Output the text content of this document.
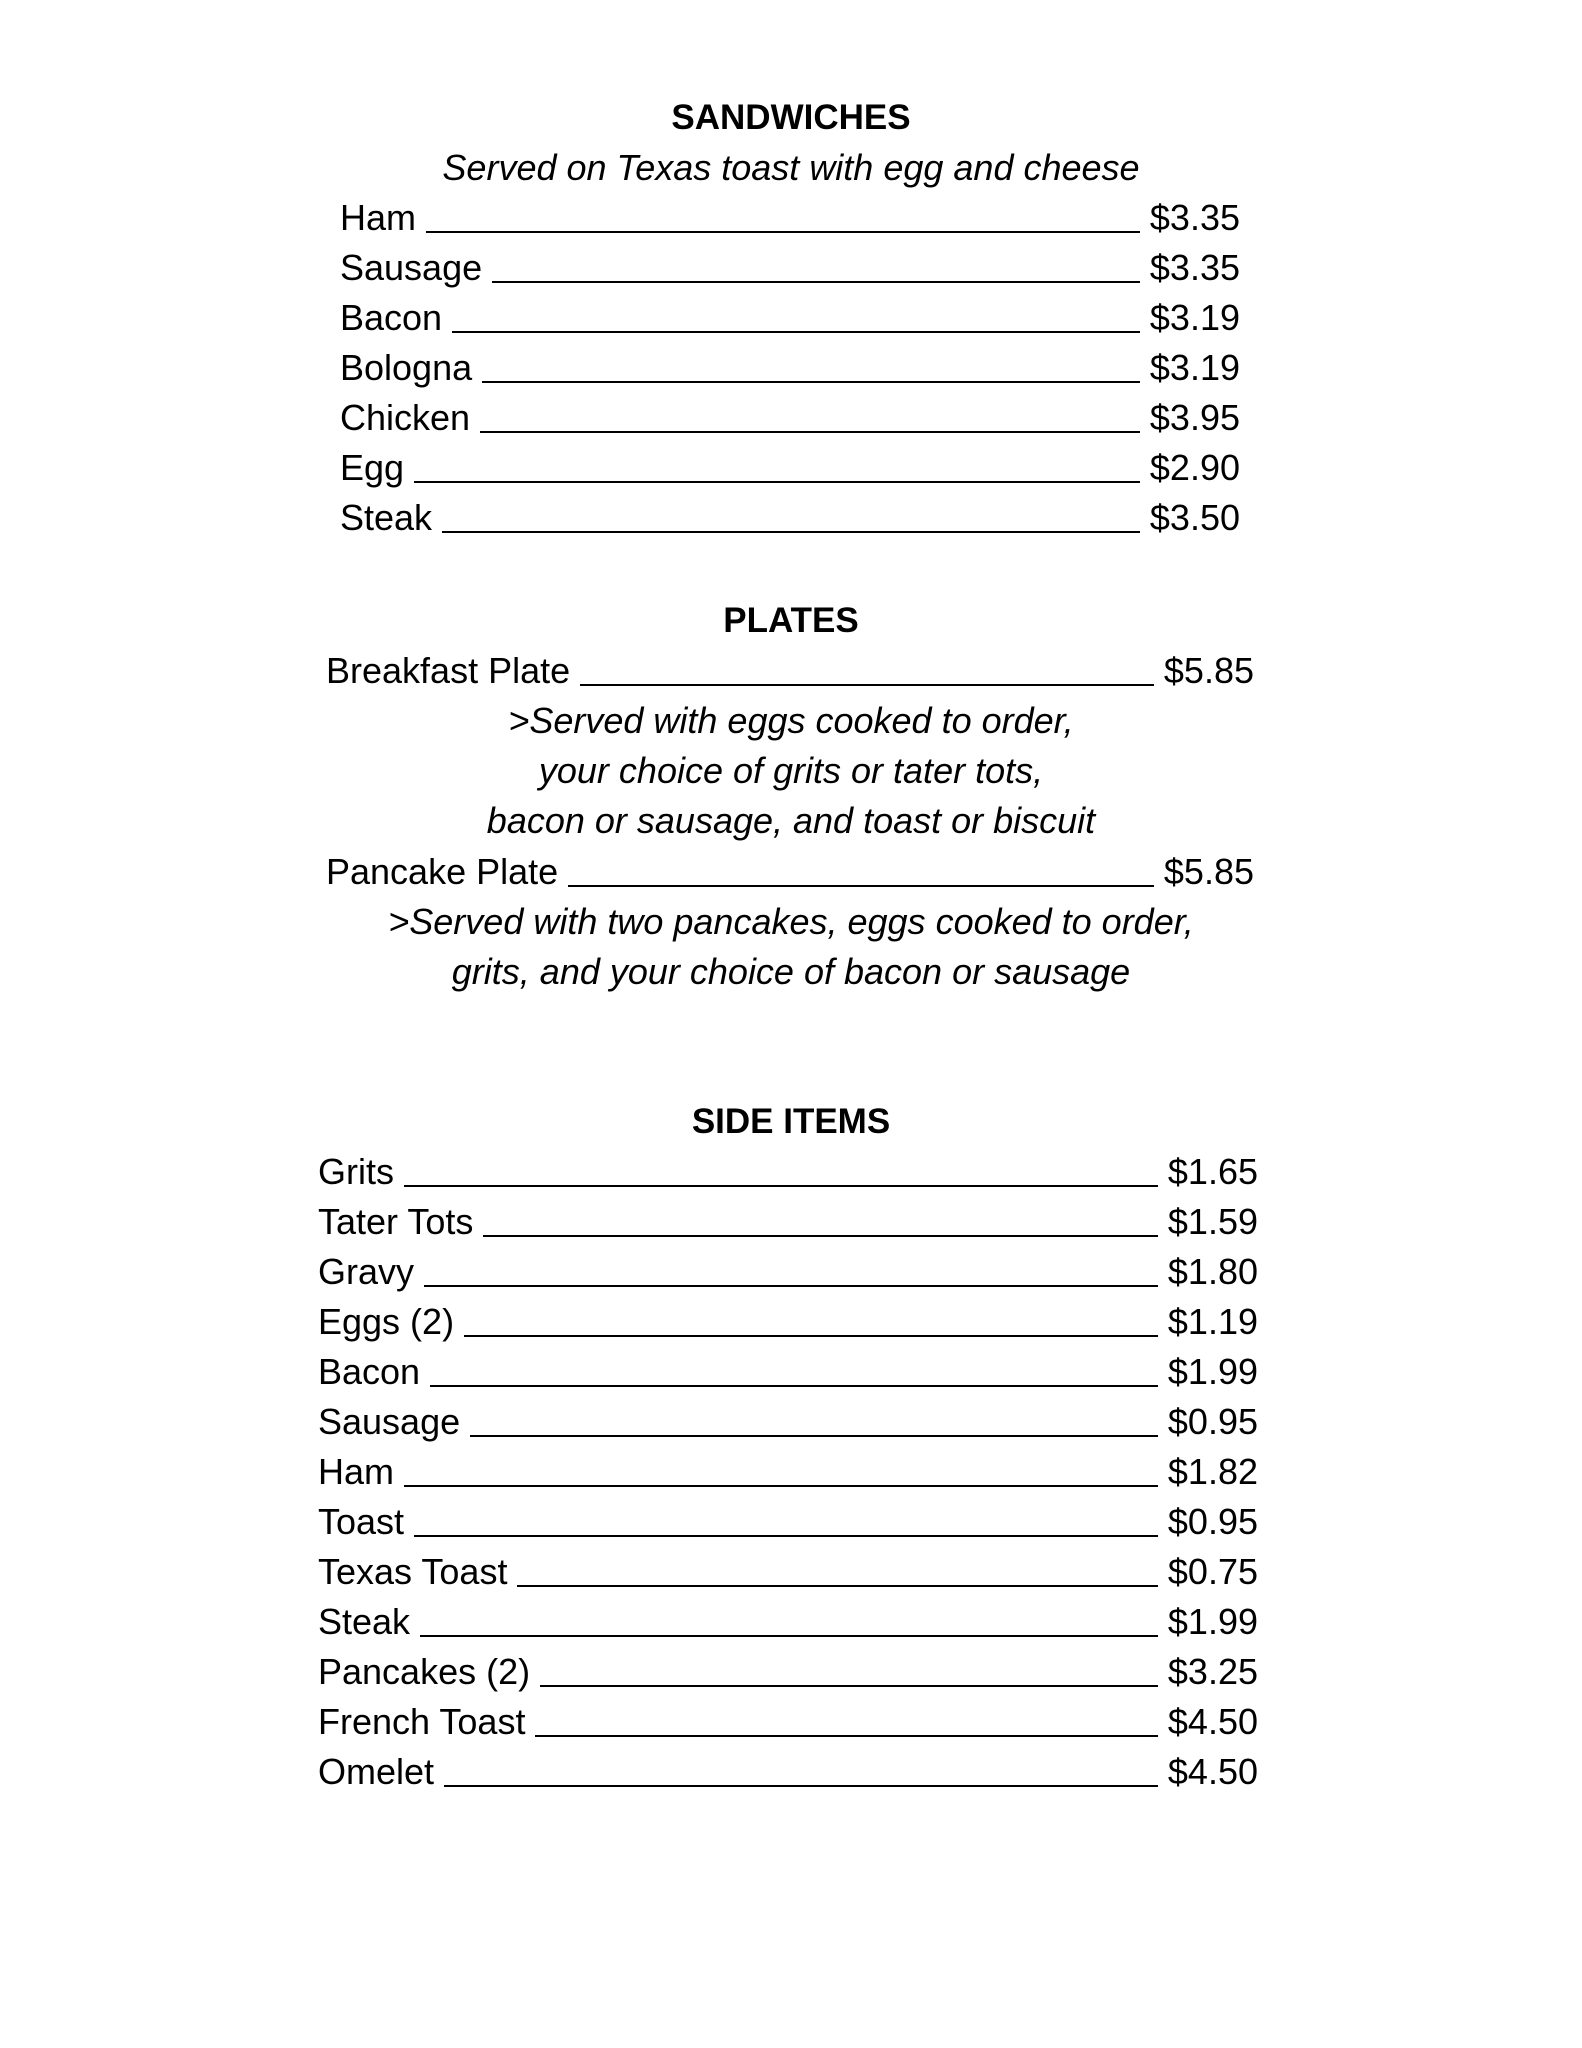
SANDWICHES
Served on Texas toast with egg and cheese
Ham	$3.35
Sausage	$3.35
Bacon	$3.19
Bologna	$3.19
Chicken	$3.95
Egg	$2.90
Steak	$3.50
PLATES
Breakfast Plate	$5.85
>Served with eggs cooked to order,
your choice of grits or tater tots,
bacon or sausage, and toast or biscuit
Pancake Plate	$5.85
>Served with two pancakes, eggs cooked to order,
grits, and your choice of bacon or sausage
SIDE ITEMS
Grits	$1.65
Tater Tots	$1.59
Gravy	$1.80
Eggs (2)	$1.19
Bacon	$1.99
Sausage	$0.95
Ham	$1.82
Toast	$0.95
Texas Toast	$0.75
Steak	$1.99
Pancakes (2)	$3.25
French Toast	$4.50
Omelet	$4.50
